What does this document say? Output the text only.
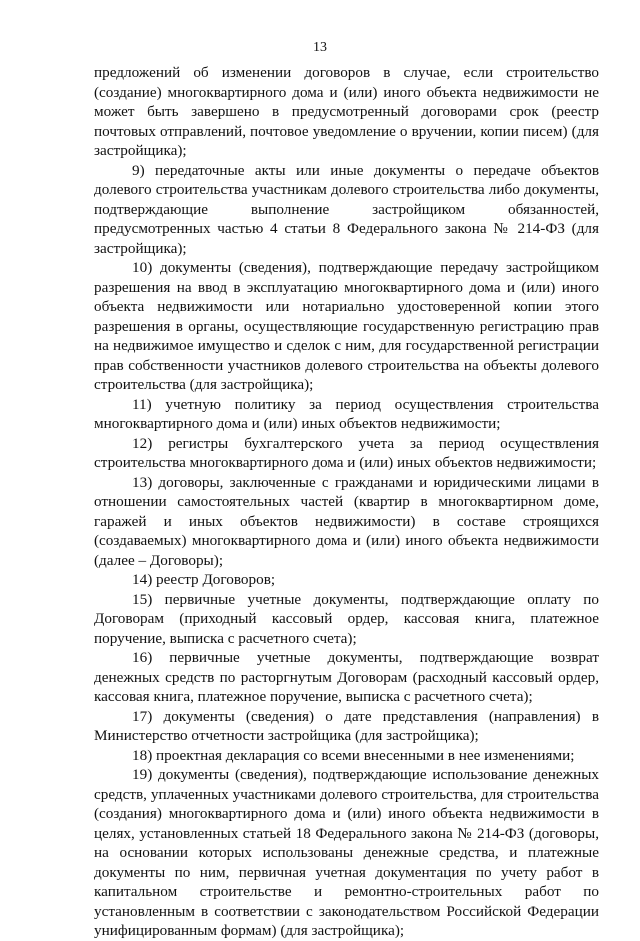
13

предложений об изменении договоров в случае, если строительство (создание) многоквартирного дома и (или) иного объекта недвижимости не может быть завершено в предусмотренный договорами срок (реестр почтовых отправлений, почтовое уведомление о вручении, копии писем) (для застройщика);

9) передаточные акты или иные документы о передаче объектов долевого строительства участникам долевого строительства либо документы, подтверждающие выполнение застройщиком обязанностей, предусмотренных частью 4 статьи 8 Федерального закона № 214-ФЗ (для застройщика);

10) документы (сведения), подтверждающие передачу застройщиком разрешения на ввод в эксплуатацию многоквартирного дома и (или) иного объекта недвижимости или нотариально удостоверенной копии этого разрешения в органы, осуществляющие государственную регистрацию прав на недвижимое имущество и сделок с ним, для государственной регистрации прав собственности участников долевого строительства на объекты долевого строительства (для застройщика);

11) учетную политику за период осуществления строительства многоквартирного дома и (или) иных объектов недвижимости;

12) регистры бухгалтерского учета за период осуществления строительства многоквартирного дома и (или) иных объектов недвижимости;

13) договоры, заключенные с гражданами и юридическими лицами в отношении самостоятельных частей (квартир в многоквартирном доме, гаражей и иных объектов недвижимости) в составе строящихся (создаваемых) многоквартирного дома и (или) иного объекта недвижимости (далее – Договоры);

14) реестр Договоров;

15) первичные учетные документы, подтверждающие оплату по Договорам (приходный кассовый ордер, кассовая книга, платежное поручение, выписка с расчетного счета);

16) первичные учетные документы, подтверждающие возврат денежных средств по расторгнутым Договорам (расходный кассовый ордер, кассовая книга, платежное поручение, выписка с расчетного счета);

17) документы (сведения) о дате представления (направления) в Министерство отчетности застройщика (для застройщика);

18) проектная декларация со всеми внесенными в нее изменениями;

19) документы (сведения), подтверждающие использование денежных средств, уплаченных участниками долевого строительства, для строительства (создания) многоквартирного дома и (или) иного объекта недвижимости в целях, установленных статьей 18 Федерального закона № 214-ФЗ (договоры, на основании которых использованы денежные средства, и платежные документы по ним, первичная учетная документация по учету работ в капитальном строительстве и ремонтно-строительных работ по установленным в соответствии с законодательством Российской Федерации унифицированным формам) (для застройщика);
